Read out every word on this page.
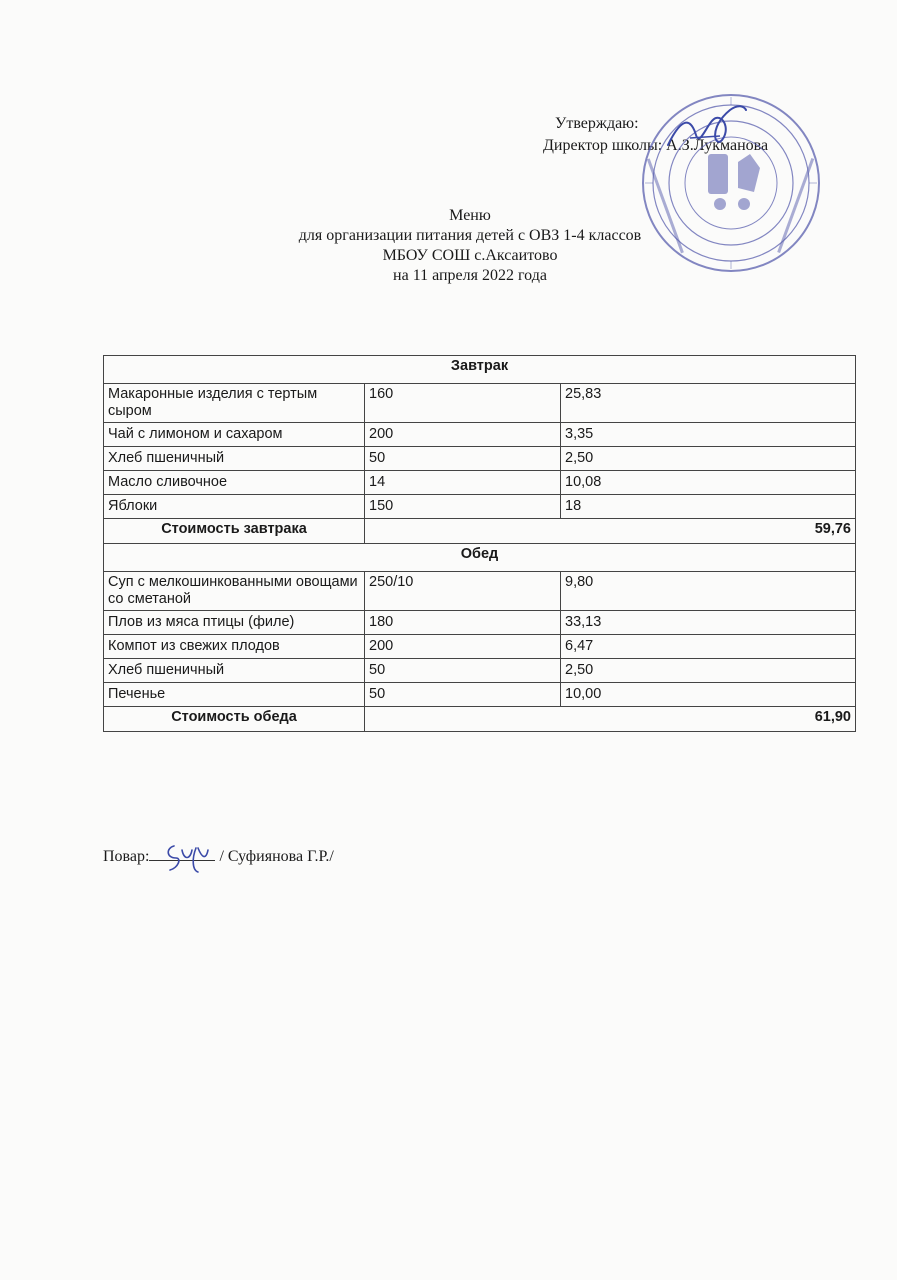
Утверждаю:
Директор школы: А.З.Лукманова
Меню
для организации питания детей с ОВЗ 1-4 классов
МБОУ СОШ с.Аксаитово
на 11 апреля 2022 года
Завтрак		
Макаронные изделия с тертым сыром	160	25,83
Чай с лимоном и сахаром	200	3,35
Хлеб пшеничный	50	2,50
Масло сливочное	14	10,08
Яблоки	150	18
Стоимость завтрака	59,76	
Обед		
Суп с мелкошинкованными овощами со сметаной	250/10	9,80
Плов из мяса птицы (филе)	180	33,13
Компот из свежих плодов	200	6,47
Хлеб пшеничный	50	2,50
Печенье	50	10,00
Стоимость обеда	61,90	
Повар:	/ Суфиянова Г.Р./
